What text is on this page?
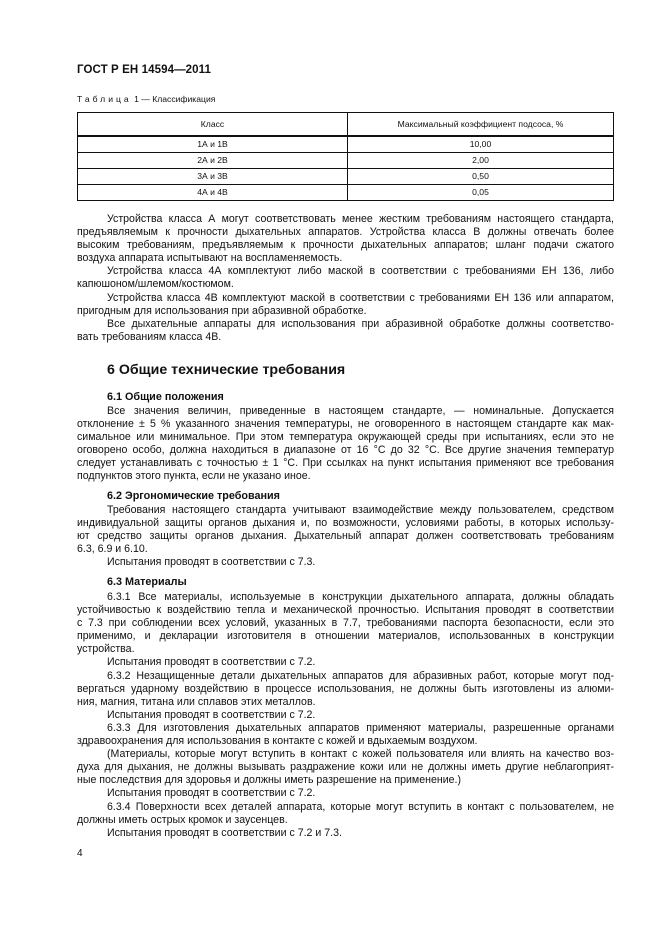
ГОСТ Р ЕН 14594—2011
Таблица 1 — Классификация
Класс	Максимальный коэффициент подсоса, %
1А и 1В	10,00
2А и 2В	2,00
3А и 3В	0,50
4А и 4В	0,05
Устройства класса А могут соответствовать менее жестким требованиям настоящего стандарта,
предъявляемым к прочности дыхательных аппаратов. Устройства класса В должны отвечать более
высоким требованиям, предъявляемым к прочности дыхательных аппаратов; шланг подачи сжатого
воздуха аппарата испытывают на воспламеняемость.
Устройства класса 4А комплектуют либо маской в соответствии с требованиями ЕН 136, либо
капюшоном/шлемом/костюмом.
Устройства класса 4В комплектуют маской в соответствии с требованиями ЕН 136 или аппаратом,
пригодным для использования при абразивной обработке.
Все дыхательные аппараты для использования при абразивной обработке должны соответство-
вать требованиям класса 4В.
6 Общие технические требования
6.1 Общие положения
Все значения величин, приведенные в настоящем стандарте, — номинальные. Допускается
отклонение ± 5 % указанного значения температуры, не оговоренного в настоящем стандарте как мак-
симальное или минимальное. При этом температура окружающей среды при испытаниях, если это не
оговорено особо, должна находиться в диапазоне от 16 °С до 32 °С. Все другие значения температур
следует устанавливать с точностью ± 1 °С. При ссылках на пункт испытания применяют все требования
подпунктов этого пункта, если не указано иное.
6.2 Эргономические требования
Требования настоящего стандарта учитывают взаимодействие между пользователем, средством
индивидуальной защиты органов дыхания и, по возможности, условиями работы, в которых использу-
ют средство защиты органов дыхания. Дыхательный аппарат должен соответствовать требованиям
6.3, 6.9 и 6.10.
Испытания проводят в соответствии с 7.3.
6.3 Материалы
6.3.1 Все материалы, используемые в конструкции дыхательного аппарата, должны обладать
устойчивостью к воздействию тепла и механической прочностью. Испытания проводят в соответствии
с 7.3 при соблюдении всех условий, указанных в 7.7, требованиями паспорта безопасности, если это
применимо, и декларации изготовителя в отношении материалов, использованных в конструкции
устройства.
Испытания проводят в соответствии с 7.2.
6.3.2 Незащищенные детали дыхательных аппаратов для абразивных работ, которые могут под-
вергаться ударному воздействию в процессе использования, не должны быть изготовлены из алюми-
ния, магния, титана или сплавов этих металлов.
Испытания проводят в соответствии с 7.2.
6.3.3 Для изготовления дыхательных аппаратов применяют материалы, разрешенные органами
здравоохранения для использования в контакте с кожей и вдыхаемым воздухом.
(Материалы, которые могут вступить в контакт с кожей пользователя или влиять на качество воз-
духа для дыхания, не должны вызывать раздражение кожи или не должны иметь другие неблагоприят-
ные последствия для здоровья и должны иметь разрешение на применение.)
Испытания проводят в соответствии с 7.2.
6.3.4 Поверхности всех деталей аппарата, которые могут вступить в контакт с пользователем, не
должны иметь острых кромок и заусенцев.
Испытания проводят в соответствии с 7.2 и 7.3.
4
